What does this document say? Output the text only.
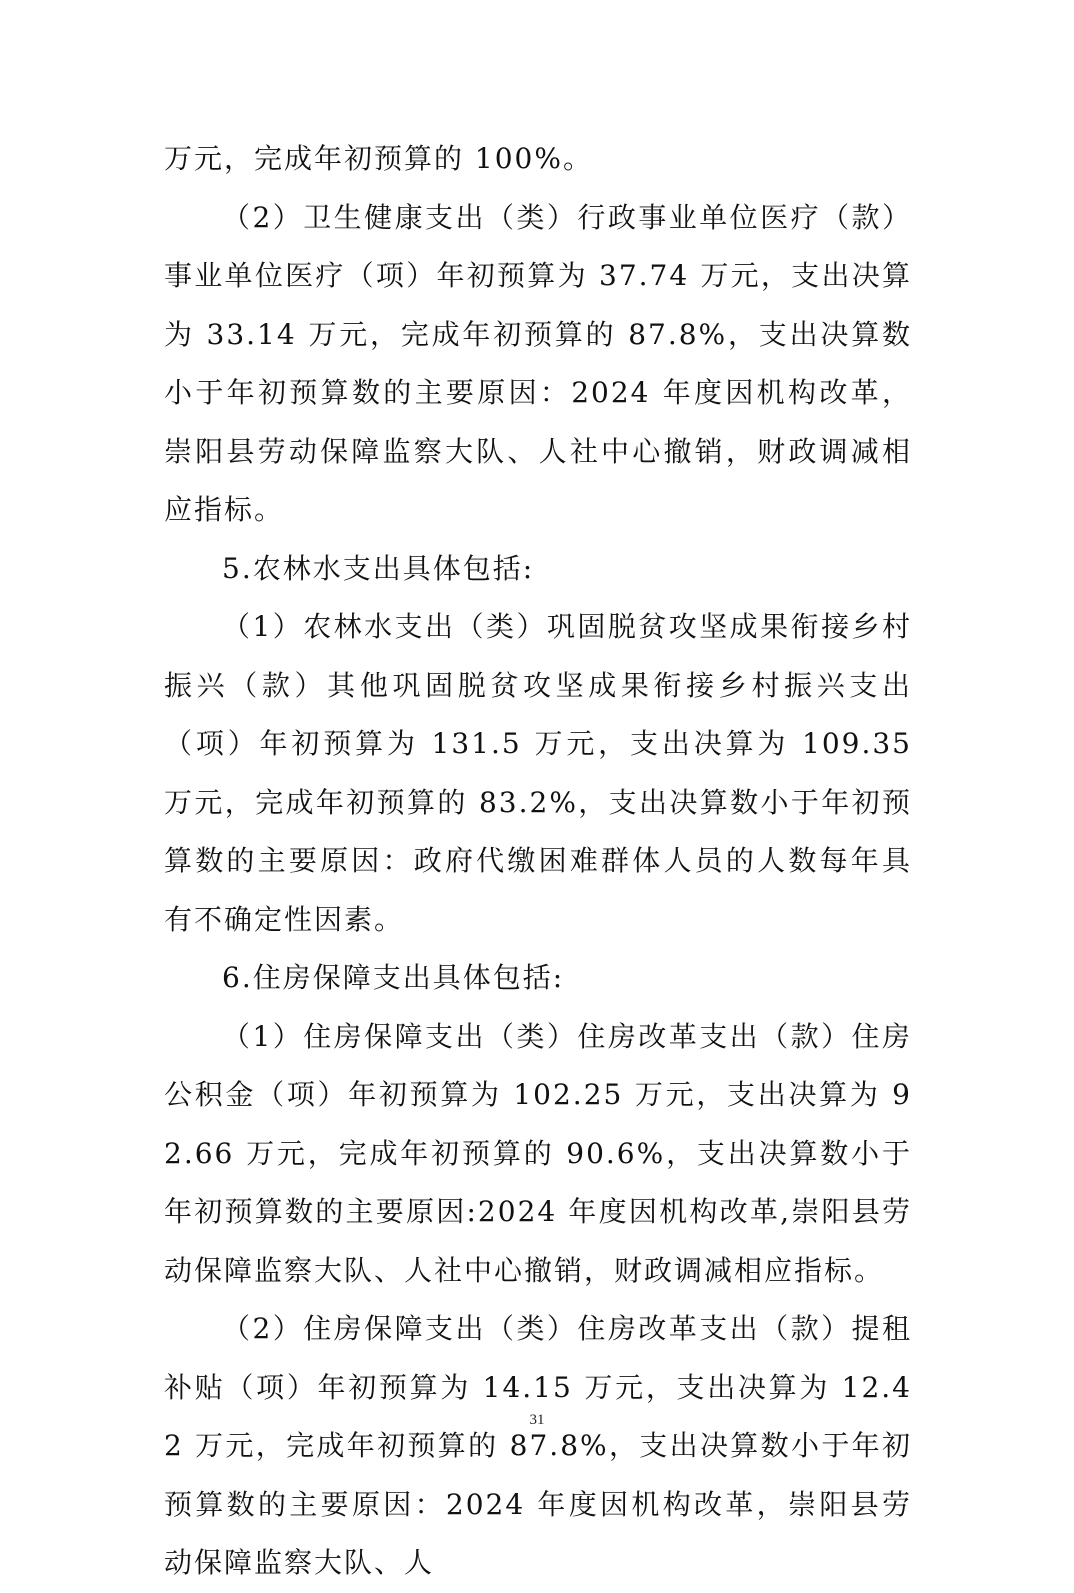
万元，完成年初预算的 100%。

（2）卫生健康支出（类）行政事业单位医疗（款）事业单位医疗（项）年初预算为 37.74 万元，支出决算为 33.14 万元，完成年初预算的 87.8%，支出决算数小于年初预算数的主要原因：2024 年度因机构改革，崇阳县劳动保障监察大队、人社中心撤销，财政调减相应指标。

5.农林水支出具体包括:

（1）农林水支出（类）巩固脱贫攻坚成果衔接乡村振兴（款）其他巩固脱贫攻坚成果衔接乡村振兴支出（项）年初预算为 131.5 万元，支出决算为 109.35 万元，完成年初预算的 83.2%，支出决算数小于年初预算数的主要原因：政府代缴困难群体人员的人数每年具有不确定性因素。

6.住房保障支出具体包括:

（1）住房保障支出（类）住房改革支出（款）住房公积金（项）年初预算为 102.25 万元，支出决算为 92.66 万元，完成年初预算的 90.6%，支出决算数小于年初预算数的主要原因:2024 年度因机构改革,崇阳县劳动保障监察大队、人社中心撤销，财政调减相应指标。

（2）住房保障支出（类）住房改革支出（款）提租补贴（项）年初预算为 14.15 万元，支出决算为 12.42 万元，完成年初预算的 87.8%，支出决算数小于年初预算数的主要原因：2024 年度因机构改革，崇阳县劳动保障监察大队、人

31
